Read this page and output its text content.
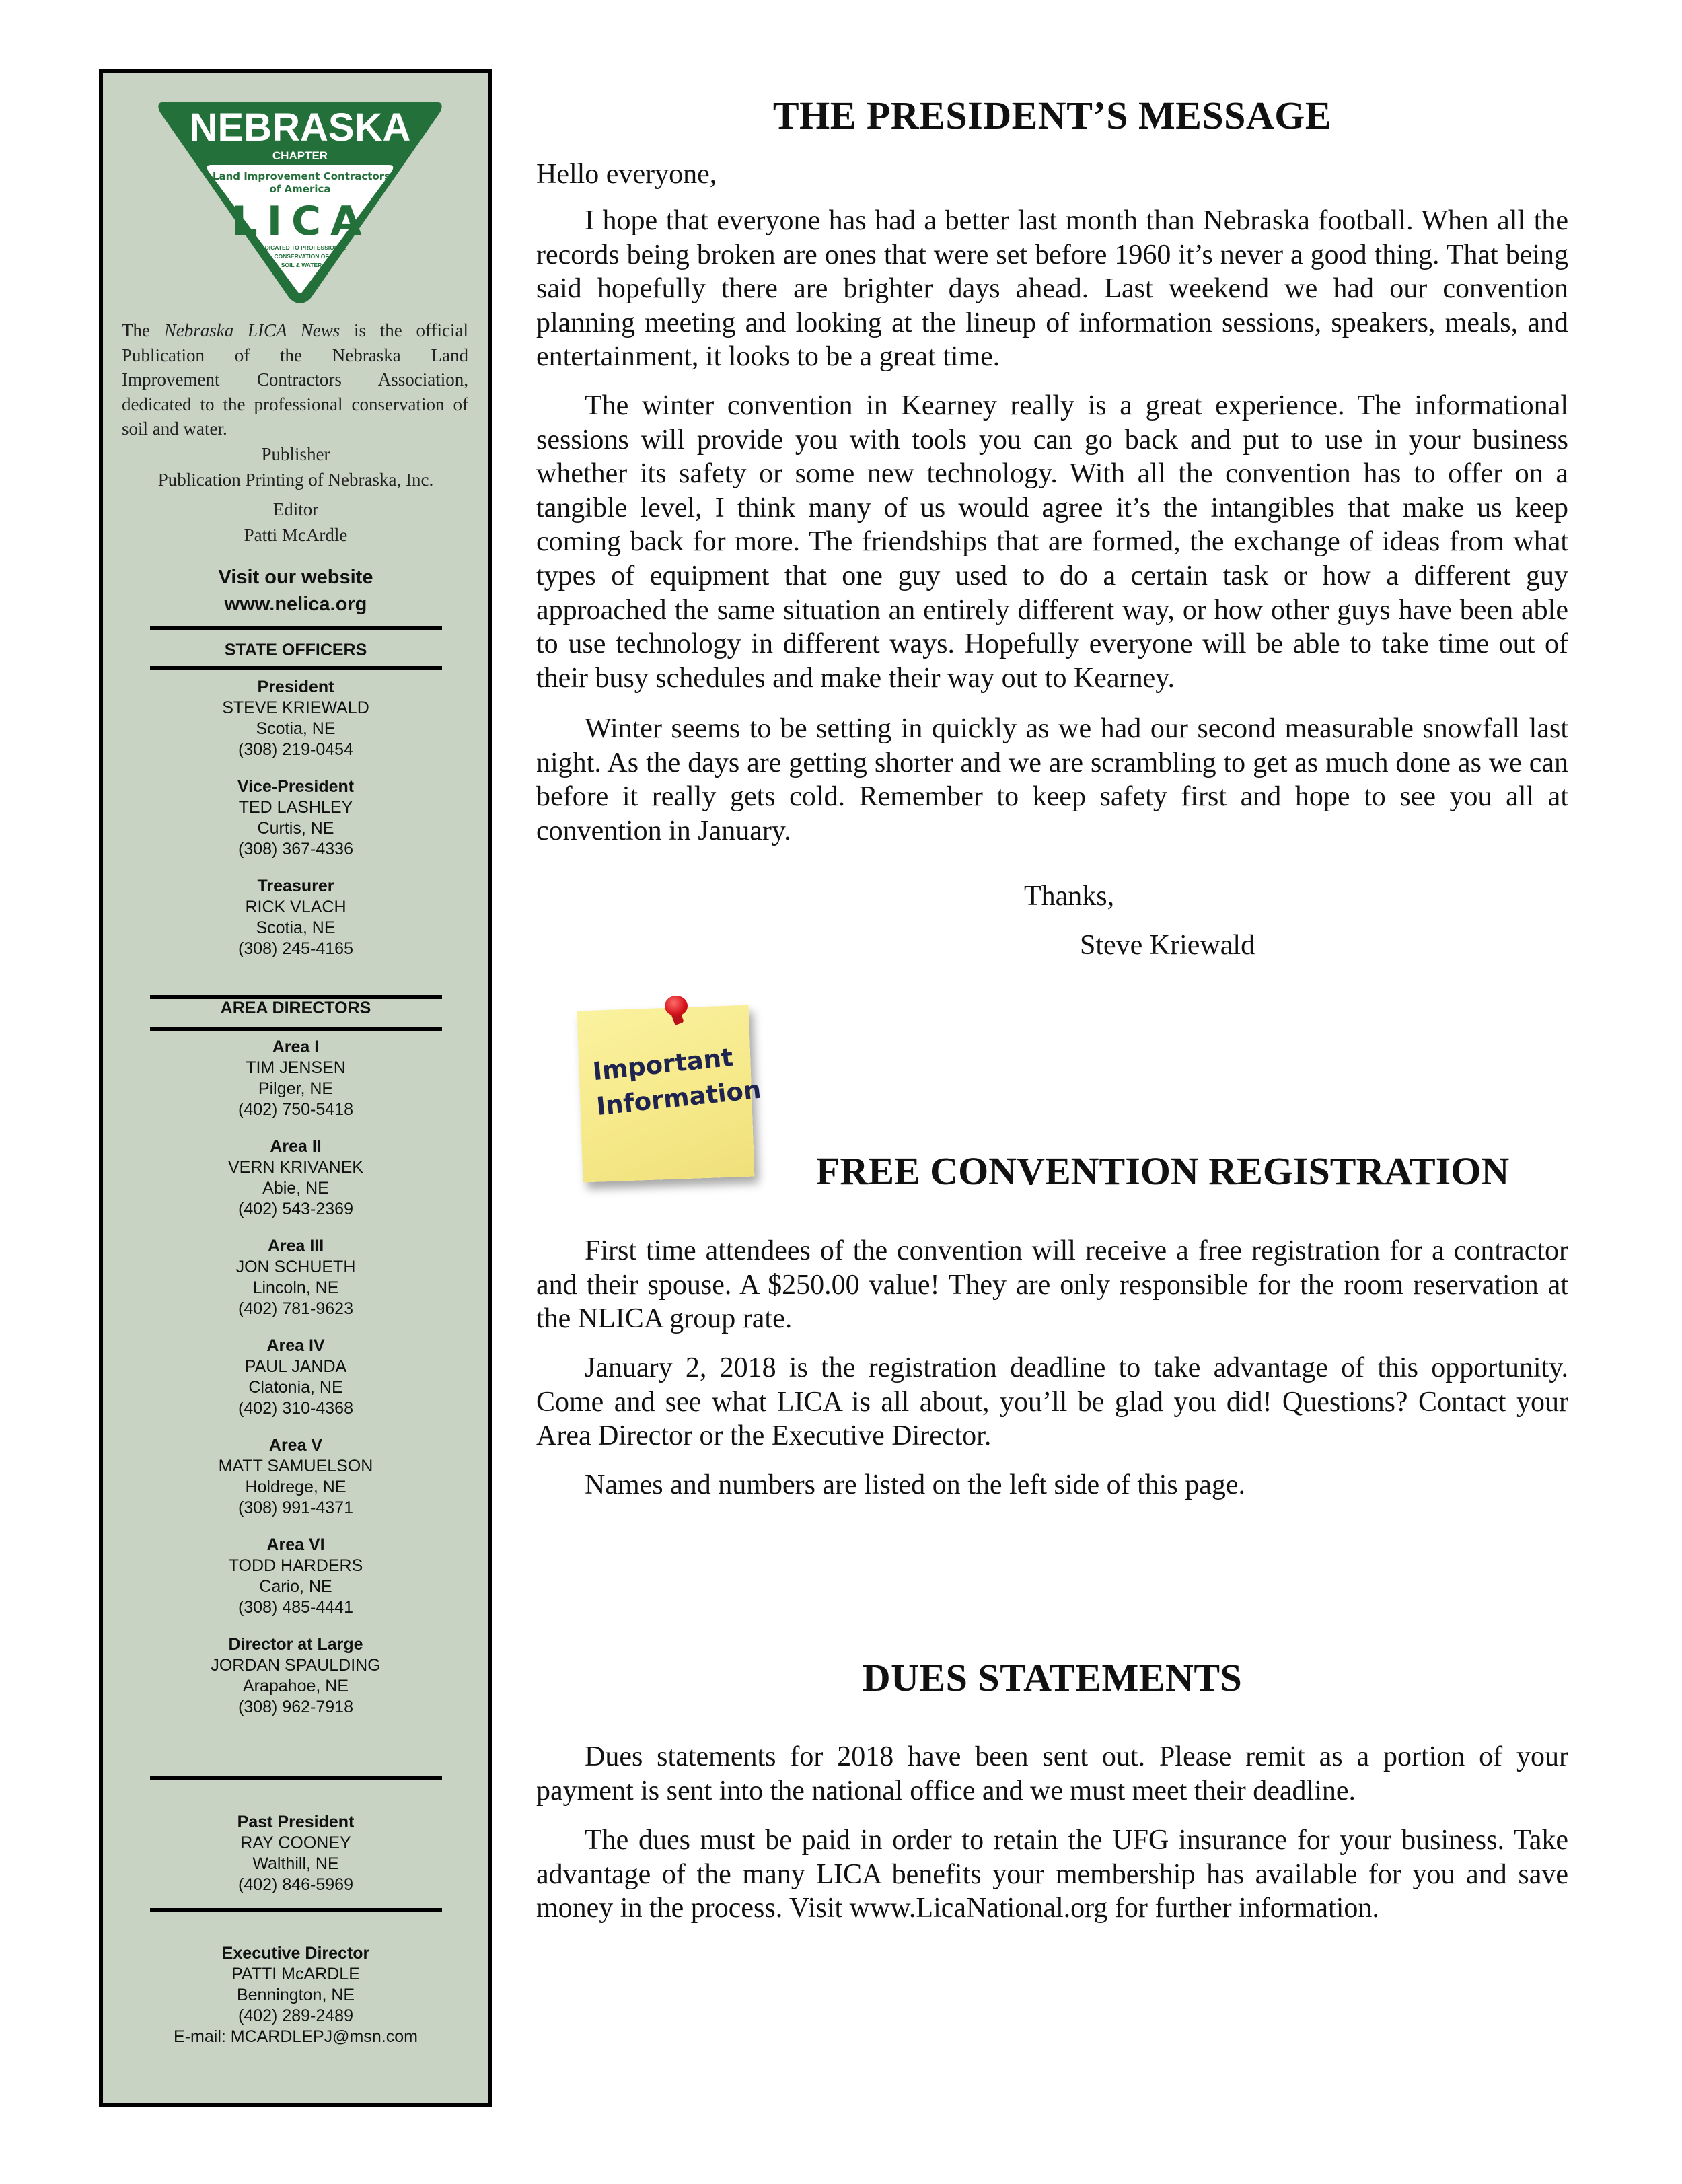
NEBRASKA
CHAPTER
Land Improvement Contractors
of America
LICA
DEDICATED TO PROFESSIONAL
CONSERVATION OF
SOIL & WATER
The Nebraska LICA News is the official Publication of the Nebraska Land Improvement Contractors Association, dedicated to the professional conservation of soil and water.
Publisher
Publication Printing of Nebraska, Inc.
Editor
Patti McArdle
Visit our website
www.nelica.org
STATE OFFICERS
President
STEVE KRIEWALD
Scotia, NE
(308) 219-0454
Vice-President
TED LASHLEY
Curtis, NE
(308) 367-4336
Treasurer
RICK VLACH
Scotia, NE
(308) 245-4165
AREA DIRECTORS
Area I
TIM JENSEN
Pilger, NE
(402) 750-5418
Area II
VERN KRIVANEK
Abie, NE
(402) 543-2369
Area III
JON SCHUETH
Lincoln, NE
(402) 781-9623
Area IV
PAUL JANDA
Clatonia, NE
(402) 310-4368
Area V
MATT SAMUELSON
Holdrege, NE
(308) 991-4371
Area VI
TODD HARDERS
Cario, NE
(308) 485-4441
Director at Large
JORDAN SPAULDING
Arapahoe, NE
(308) 962-7918
Past President
RAY COONEY
Walthill, NE
(402) 846-5969
Executive Director
PATTI McARDLE
Bennington, NE
(402) 289-2489
E-mail: MCARDLEPJ@msn.com
THE PRESIDENT’S MESSAGE

Hello everyone,

I hope that everyone has had a better last month than Nebraska football. When all the records being broken are ones that were set before 1960 it’s never a good thing. That being said hopefully there are brighter days ahead. Last weekend we had our convention planning meeting and looking at the lineup of information sessions, speakers, meals, and entertainment, it looks to be a great time.

The winter convention in Kearney really is a great experience. The informational sessions will provide you with tools you can go back and put to use in your business whether its safety or some new technology. With all the convention has to offer on a tangible level, I think many of us would agree it’s the intangibles that make us keep coming back for more. The friendships that are formed, the exchange of ideas from what types of equipment that one guy used to do a certain task or how a different guy approached the same situation an entirely different way, or how other guys have been able to use technology in different ways. Hopefully everyone will be able to take time out of their busy schedules and make their way out to Kearney.

Winter seems to be setting in quickly as we had our second measurable snowfall last night. As the days are getting shorter and we are scrambling to get as much done as we can before it really gets cold. Remember to keep safety first and hope to see you all at convention in January.

Thanks,
Steve Kriewald
FREE CONVENTION REGISTRATION

First time attendees of the convention will receive a free registration for a contractor and their spouse. A $250.00 value! They are only responsible for the room reservation at the NLICA group rate.

January 2, 2018 is the registration deadline to take advantage of this opportunity. Come and see what LICA is all about, you’ll be glad you did! Questions? Contact your Area Director or the Executive Director.

Names and numbers are listed on the left side of this page.

DUES STATEMENTS

Dues statements for 2018 have been sent out. Please remit as a portion of your payment is sent into the national office and we must meet their deadline.

The dues must be paid in order to retain the UFG insurance for your business. Take advantage of the many LICA benefits your membership has available for you and save money in the process. Visit www.LicaNational.org for further information.

Important
Information
